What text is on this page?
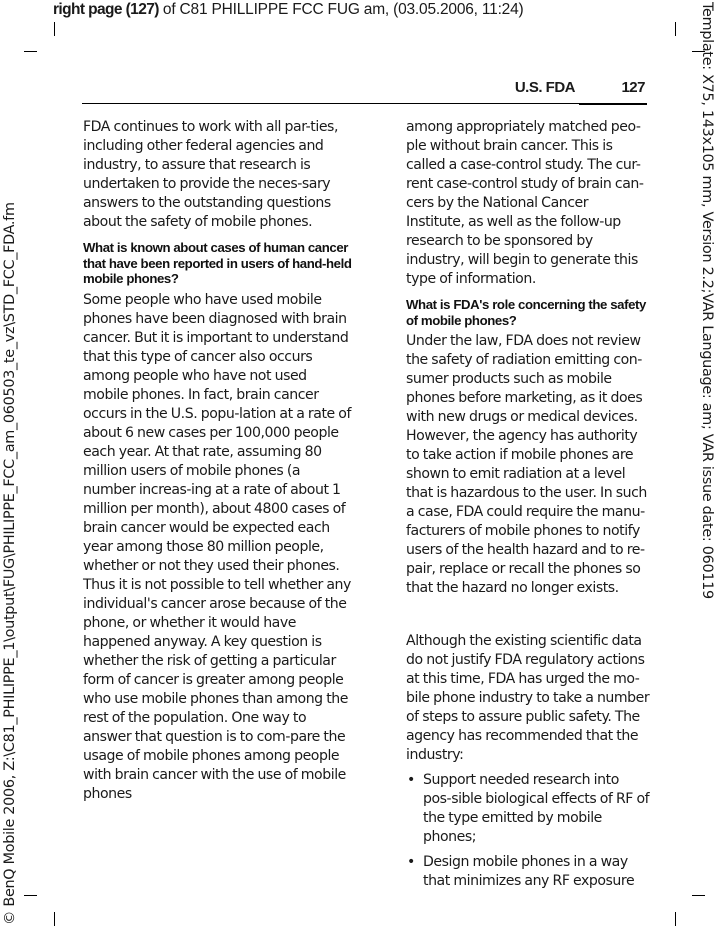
right page (127) of C81 PHILLIPPE FCC FUG am, (03.05.2006, 11:24)	Template: X75, 143x105 mm, Version 2.2;VAR Language: am; VAR issue date: 060119
© BenQ Mobile 2006, Z:\C81_PHILIPPE_1\output\FUG\PHILIPPE_FCC_am_060503_te_vz\STD_FCC_FDA.fm
U.S. FDA	127

FDA continues to work with all par-ties, including other federal agencies and industry, to assure that research is undertaken to provide the neces-sary answers to the outstanding questions about the safety of mobile phones.

What is known about cases of human cancer that have been reported in users of hand-held mobile phones?

Some people who have used mobile phones have been diagnosed with brain cancer. But it is important to understand that this type of cancer also occurs among people who have not used mobile phones. In fact, brain cancer occurs in the U.S. popu-lation at a rate of about 6 new cases per 100,000 people each year. At that rate, assuming 80 million users of mobile phones (a number increas-ing at a rate of about 1 million per month), about 4800 cases of brain cancer would be expected each year among those 80 million people, whether or not they used their phones. Thus it is not possible to tell whether any individual's cancer arose because of the phone, or whether it would have happened anyway. A key question is whether the risk of getting a particular form of cancer is greater among people who use mobile phones than among the rest of the population. One way to answer that question is to com-pare the usage of mobile phones among people with brain cancer with the use of mobile phones

among appropriately matched peo-ple without brain cancer. This is called a case-control study. The cur-rent case-control study of brain can-cers by the National Cancer Institute, as well as the follow-up research to be sponsored by industry, will begin to generate this type of information.

What is FDA's role concerning the safety of mobile phones?

Under the law, FDA does not review the safety of radiation emitting con-sumer products such as mobile phones before marketing, as it does with new drugs or medical devices. However, the agency has authority to take action if mobile phones are shown to emit radiation at a level that is hazardous to the user. In such a case, FDA could require the manu-facturers of mobile phones to notify users of the health hazard and to re-pair, replace or recall the phones so that the hazard no longer exists.

Although the existing scientific data do not justify FDA regulatory actions at this time, FDA has urged the mo-bile phone industry to take a number of steps to assure public safety. The agency has recommended that the industry:

• Support needed research into pos-sible biological effects of RF of the type emitted by mobile phones;
• Design mobile phones in a way that minimizes any RF exposure
